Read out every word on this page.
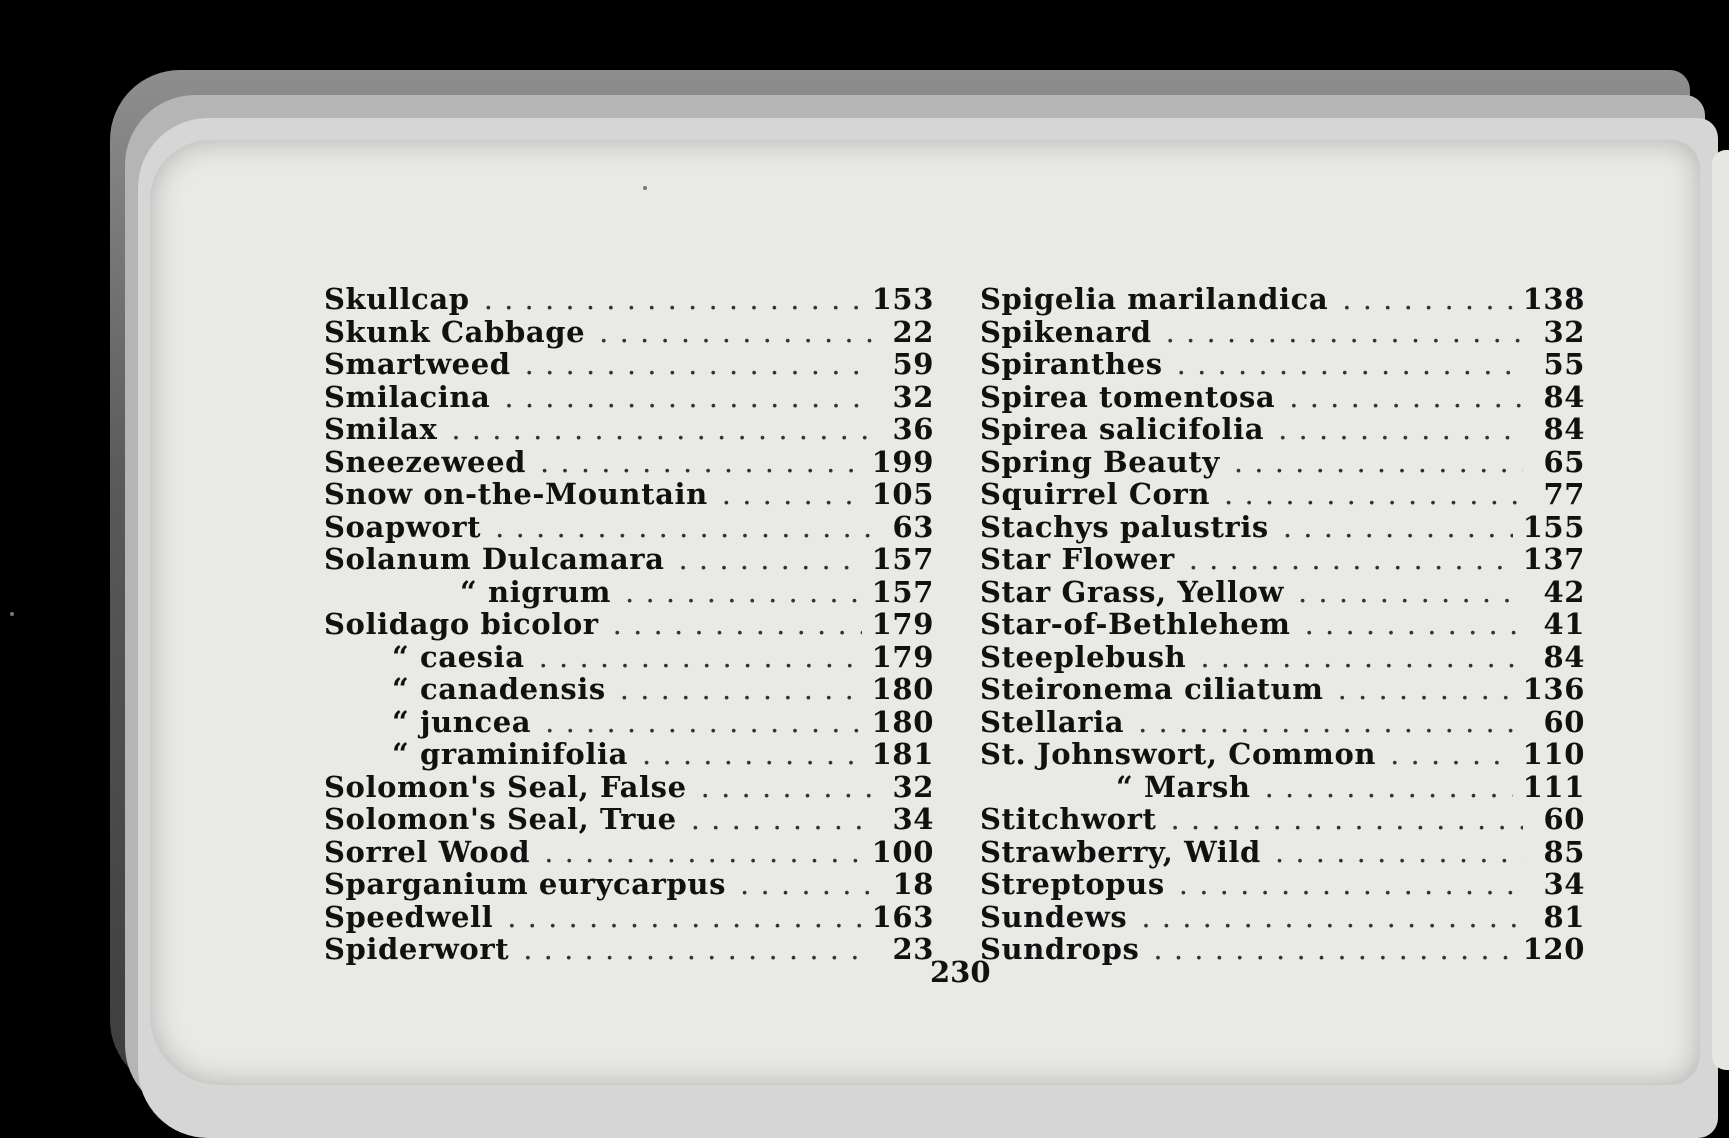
Skullcap . . .	153
Skunk Cabbage . . .	22
Smartweed . . .	59
Smilacina . . .	32
Smilax . . .	36
Sneezeweed . . .	199
Snow on-the-Mountain . . .	105
Soapwort . . .	63
Solanum Dulcamara . . .	157
“ nigrum . . .	157
Solidago bicolor . . .	179
“ caesia . . .	179
“ canadensis . . .	180
“ juncea . . .	180
“ graminifolia . . .	181
Solomon's Seal, False . . .	32
Solomon's Seal, True . . .	34
Sorrel Wood . . .	100
Sparganium eurycarpus . . .	18
Speedwell . . .	163
Spiderwort . . .	23
Spigelia marilandica . . .	138
Spikenard . . .	32
Spiranthes . . .	55
Spirea tomentosa . . .	84
Spirea salicifolia . . .	84
Spring Beauty . . .	65
Squirrel Corn . . .	77
Stachys palustris . . .	155
Star Flower . . .	137
Star Grass, Yellow . . .	42
Star-of-Bethlehem . . .	41
Steeplebush . . .	84
Steironema ciliatum . . .	136
Stellaria . . .	60
St. Johnswort, Common . . .	110
“ Marsh . . .	111
Stitchwort . . .	60
Strawberry, Wild . . .	85
Streptopus . . .	34
Sundews . . .	81
Sundrops . . .	120
230
